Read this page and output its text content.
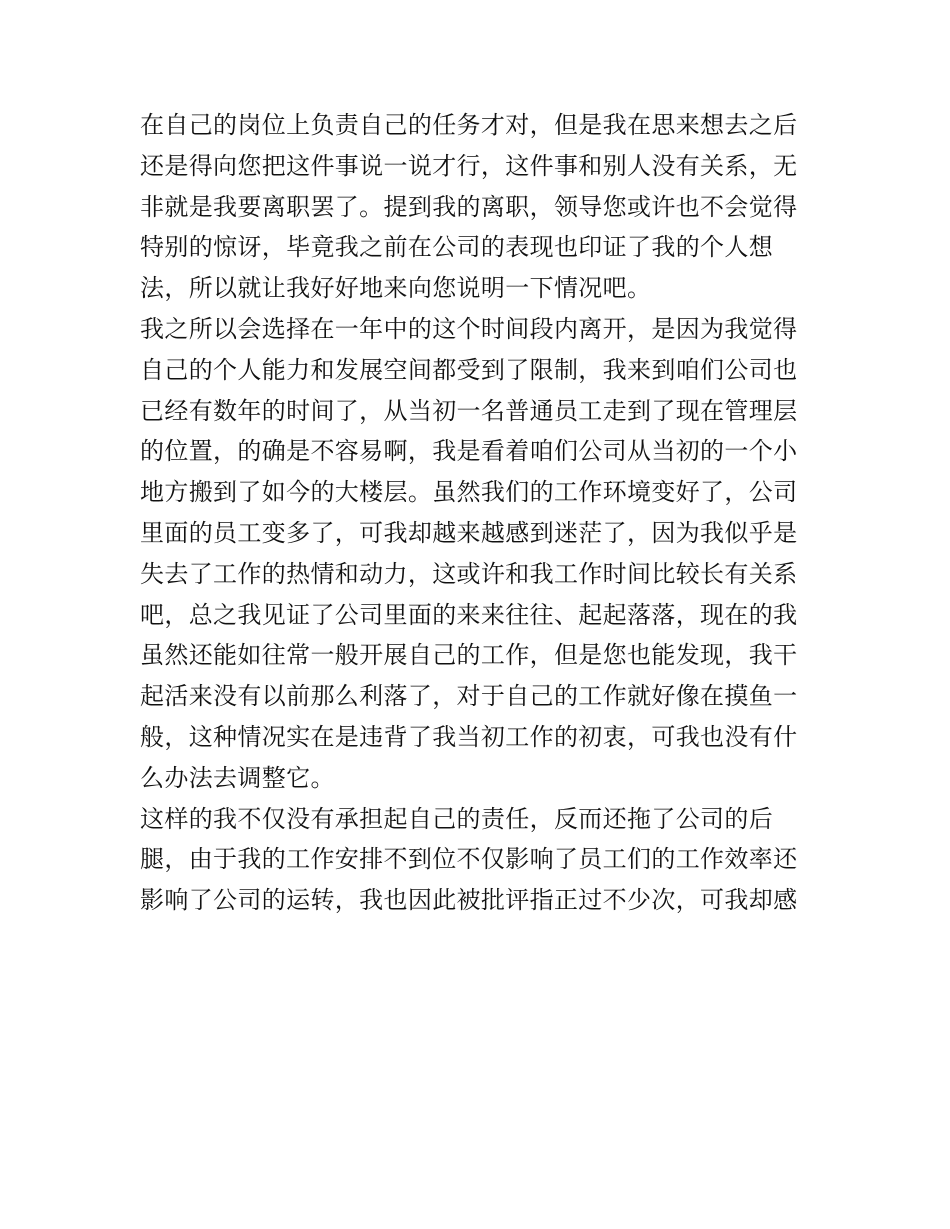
在自己的岗位上负责自己的任务才对，但是我在思来想去之后
还是得向您把这件事说一说才行，这件事和别人没有关系，无
非就是我要离职罢了。提到我的离职，领导您或许也不会觉得
特别的惊讶，毕竟我之前在公司的表现也印证了我的个人想
法，所以就让我好好地来向您说明一下情况吧。
我之所以会选择在一年中的这个时间段内离开，是因为我觉得
自己的个人能力和发展空间都受到了限制，我来到咱们公司也
已经有数年的时间了，从当初一名普通员工走到了现在管理层
的位置，的确是不容易啊，我是看着咱们公司从当初的一个小
地方搬到了如今的大楼层。虽然我们的工作环境变好了，公司
里面的员工变多了，可我却越来越感到迷茫了，因为我似乎是
失去了工作的热情和动力，这或许和我工作时间比较长有关系
吧，总之我见证了公司里面的来来往往、起起落落，现在的我
虽然还能如往常一般开展自己的工作，但是您也能发现，我干
起活来没有以前那么利落了，对于自己的工作就好像在摸鱼一
般，这种情况实在是违背了我当初工作的初衷，可我也没有什
么办法去调整它。
这样的我不仅没有承担起自己的责任，反而还拖了公司的后
腿，由于我的工作安排不到位不仅影响了员工们的工作效率还
影响了公司的运转，我也因此被批评指正过不少次，可我却感
